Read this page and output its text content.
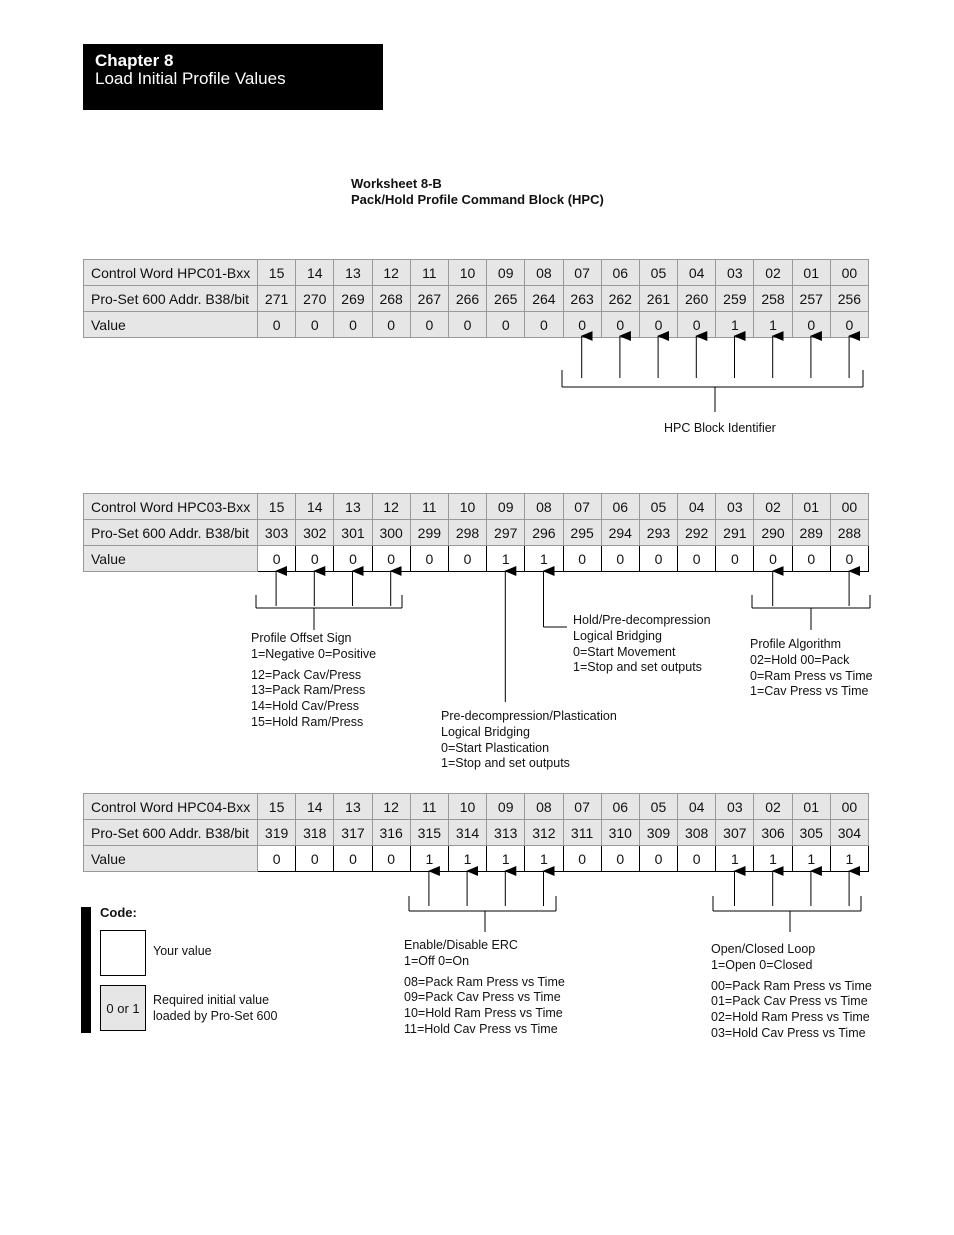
Chapter 8
Load Initial Profile Values
Worksheet 8-B
Pack/Hold Profile Command Block (HPC)
Control Word HPC01-Bxx	15	14	13	12	11	10	09	08	07	06	05	04	03	02	01	00
Pro-Set 600 Addr. B38/bit	271	270	269	268	267	266	265	264	263	262	261	260	259	258	257	256
Value	0	0	0	0	0	0	0	0	0	0	0	0	1	1	0	0
Control Word HPC03-Bxx	15	14	13	12	11	10	09	08	07	06	05	04	03	02	01	00
Pro-Set 600 Addr. B38/bit	303	302	301	300	299	298	297	296	295	294	293	292	291	290	289	288
Value	0	0	0	0	0	0	1	1	0	0	0	0	0	0	0	0
Control Word HPC04-Bxx	15	14	13	12	11	10	09	08	07	06	05	04	03	02	01	00
Pro-Set 600 Addr. B38/bit	319	318	317	316	315	314	313	312	311	310	309	308	307	306	305	304
Value	0	0	0	0	1	1	1	1	0	0	0	0	1	1	1	1
HPC Block Identifier
Profile Offset Sign
1=Negative 0=Positive
12=Pack Cav/Press
13=Pack Ram/Press
14=Hold Cav/Press
15=Hold Ram/Press
Hold/Pre-decompression
Logical Bridging
0=Start Movement
1=Stop and set outputs
Profile Algorithm
02=Hold 00=Pack
0=Ram Press vs Time
1=Cav Press vs Time
Pre-decompression/Plastication
Logical Bridging
0=Start Plastication
1=Stop and set outputs
Enable/Disable ERC
1=Off 0=On
08=Pack Ram Press vs Time
09=Pack Cav Press vs Time
10=Hold Ram Press vs Time
11=Hold Cav Press vs Time
Open/Closed Loop
1=Open 0=Closed
00=Pack Ram Press vs Time
01=Pack Cav Press vs Time
02=Hold Ram Press vs Time
03=Hold Cav Press vs Time
Code:
Your value
0 or 1
Required initial value
loaded by Pro-Set 600
